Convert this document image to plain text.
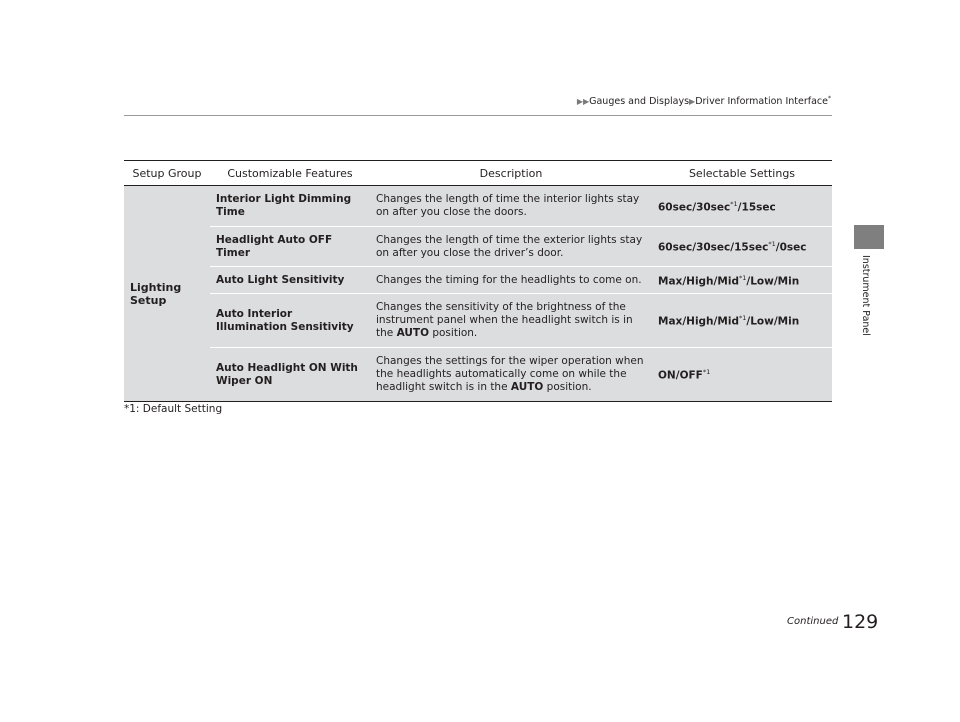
▶▶Gauges and Displays▶Driver Information Interface*
Instrument Panel
Setup Group	Customizable Features	Description	Selectable Settings
Lighting Setup	Interior Light Dimming Time	Changes the length of time the interior lights stay on after you close the doors.	$60\sec/30\sec^{*1}/15\sec$
	Headlight Auto OFF Timer	Changes the length of time the exterior lights stay on after you close the driver’s door.	$60\sec/30\sec/15\sec^{*1}/0\sec$
	Auto Light Sensitivity	Changes the timing for the headlights to come on.	Max/High/Mid$^{*1}$/Low/Min
	Auto Interior Illumination Sensitivity	Changes the sensitivity of the brightness of the instrument panel when the headlight switch is in the AUTO position.	Max/High/Mid$^{*1}$/Low/Min
	Auto Headlight ON With Wiper ON	Changes the settings for the wiper operation when the headlights automatically come on while the headlight switch is in the AUTO position.	ON/OFF$^{*1}$
*1: Default Setting
Continued 129
